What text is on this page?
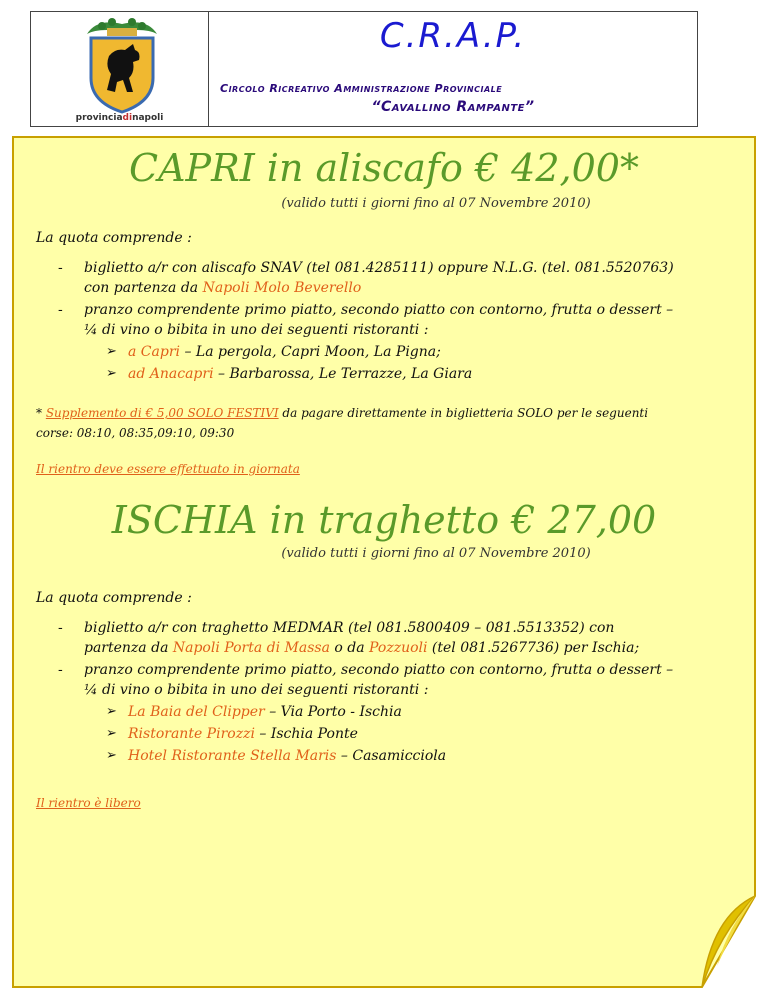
provinciadinapoli
C.R.A.P.
Circolo Ricreativo Amministrazione Provinciale
“Cavallino Rampante”
CAPRI in aliscafo € 42,00*
(valido tutti i giorni fino al 07 Novembre 2010)
La quota comprende :
- biglietto a/r con aliscafo SNAV (tel 081.4285111) oppure N.L.G. (tel. 081.5520763)
con partenza da Napoli Molo Beverello
- pranzo comprendente primo piatto, secondo piatto con contorno, frutta o dessert –
¼ di vino o bibita in uno dei seguenti ristoranti :
➢ a Capri – La pergola, Capri Moon, La Pigna;
➢ ad Anacapri – Barbarossa, Le Terrazze, La Giara
* Supplemento di € 5,00 SOLO FESTIVI da pagare direttamente in biglietteria SOLO per le seguenti
corse: 08:10, 08:35,09:10, 09:30
Il rientro deve essere effettuato in giornata
ISCHIA in traghetto € 27,00
(valido tutti i giorni fino al 07 Novembre 2010)
La quota comprende :
- biglietto a/r con traghetto MEDMAR (tel 081.5800409 – 081.5513352) con
partenza da Napoli Porta di Massa o da Pozzuoli (tel 081.5267736) per Ischia;
- pranzo comprendente primo piatto, secondo piatto con contorno, frutta o dessert –
¼ di vino o bibita in uno dei seguenti ristoranti :
➢ La Baia del Clipper – Via Porto - Ischia
➢ Ristorante Pirozzi – Ischia Ponte
➢ Hotel Ristorante Stella Maris – Casamicciola
Il rientro è libero
